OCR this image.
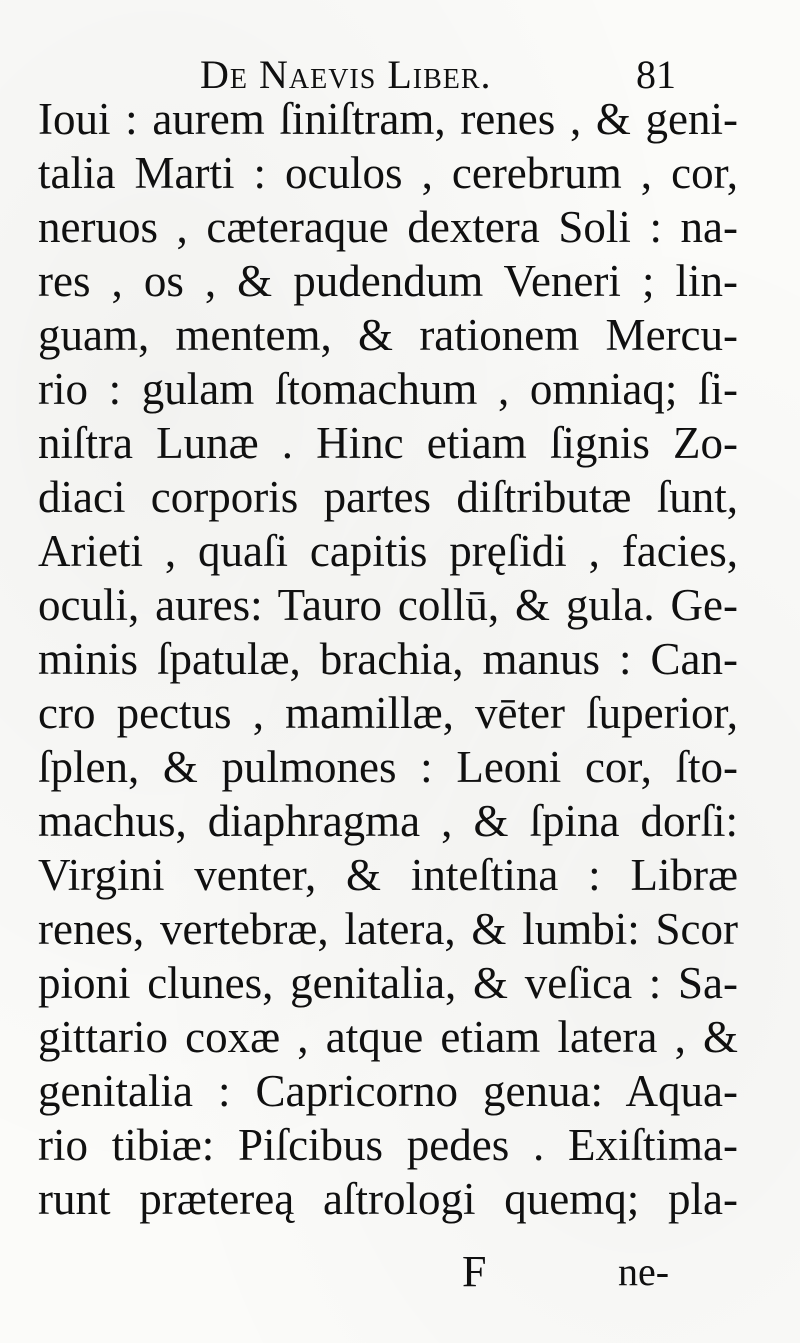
De Naevis Liber.	81
Ioui : aurem ſiniſtram, renes , & geni-
talia Marti : oculos , cerebrum , cor,
neruos , cæteraque dextera Soli : na-
res , os , & pudendum Veneri ; lin-
guam, mentem, & rationem Mercu-
rio : gulam ſtomachum , omniaq; ſi-
niſtra Lunæ . Hinc etiam ſignis Zo-
diaci corporis partes diſtributæ ſunt,
Arieti , quaſi capitis pręſidi , facies,
oculi, aures: Tauro collū, & gula. Ge-
minis ſpatulæ, brachia, manus : Can-
cro pectus , mamillæ, vēter ſuperior,
ſplen, & pulmones : Leoni cor, ſto-
machus, diaphragma , & ſpina dorſi:
Virgini venter, & inteſtina : Libræ
renes, vertebræ, latera, & lumbi: Scor
pioni clunes, genitalia, & veſica : Sa-
gittario coxæ , atque etiam latera , &
genitalia : Capricorno genua: Aqua-
rio tibiæ: Piſcibus pedes . Exiſtima-
runt prætereą aſtrologi quemq; pla-
F	ne-
